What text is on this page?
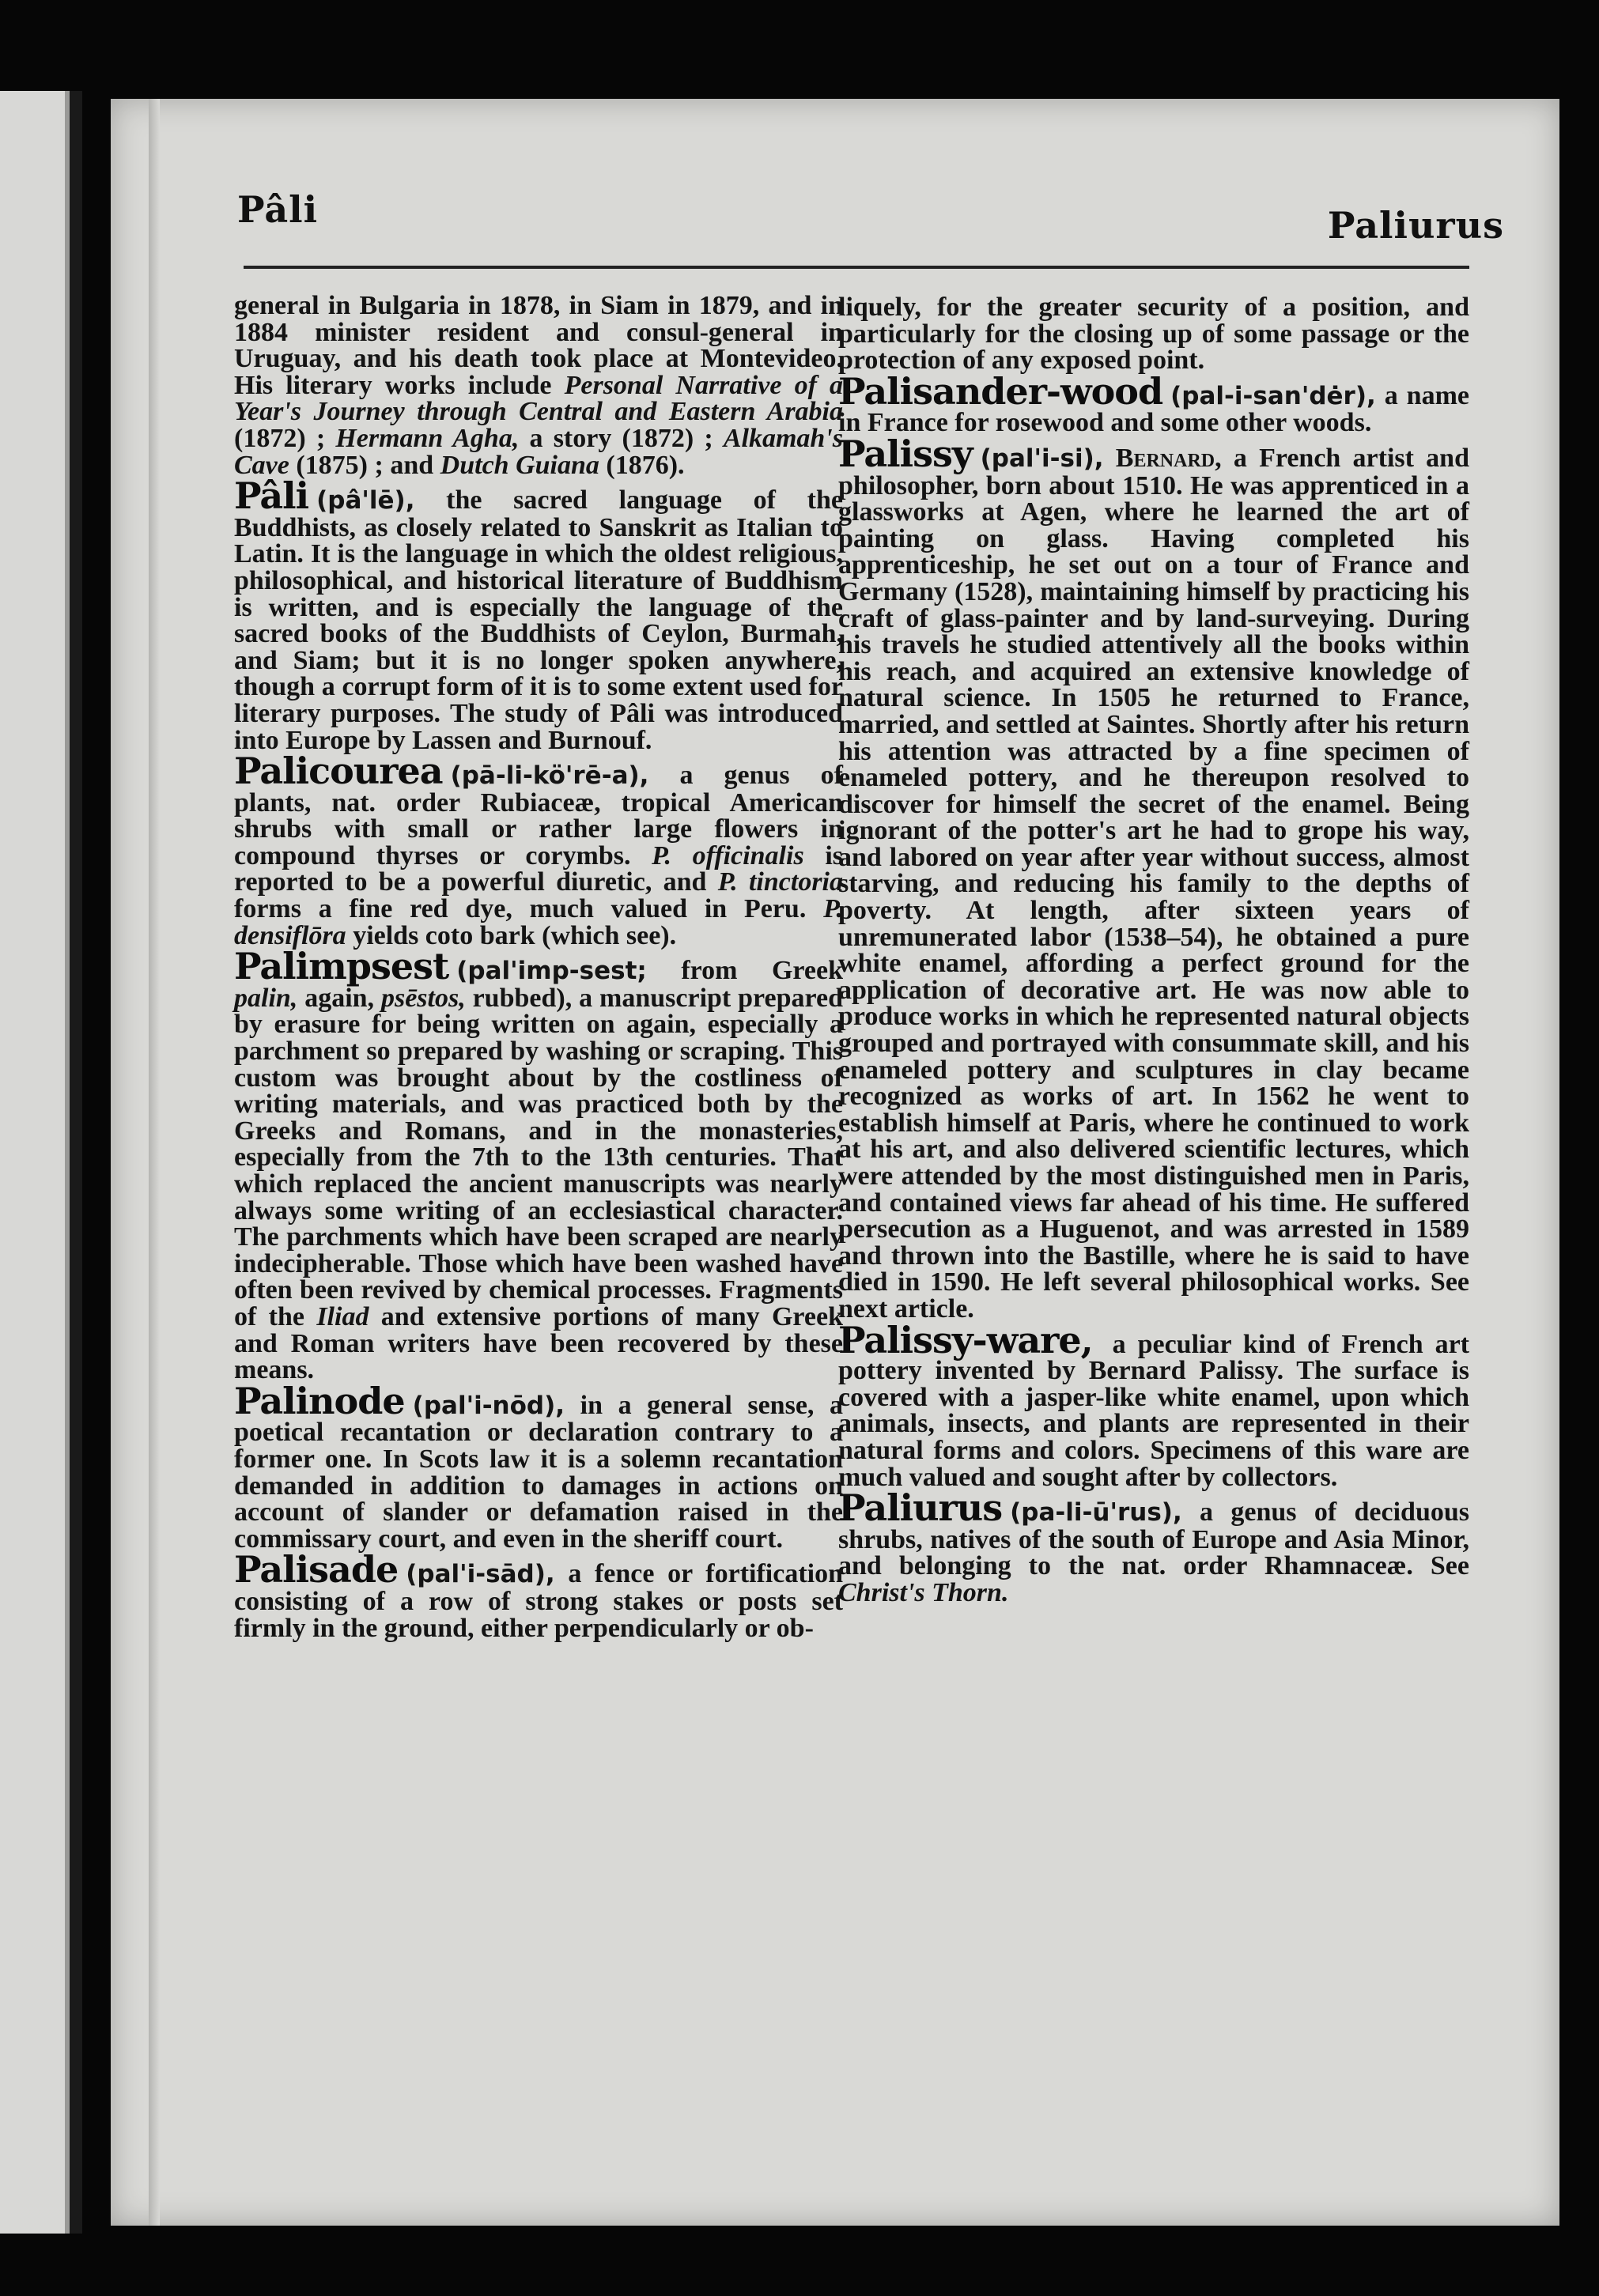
Pâli	Paliurus

general in Bulgaria in 1878, in Siam in 1879, and in 1884 minister resident and consul-general in Uruguay, and his death took place at Montevideo. His literary works include Personal Narrative of a Year's Journey through Central and Eastern Arabia (1872) ; Hermann Agha, a story (1872) ; Alkamah's Cave (1875) ; and Dutch Guiana (1876).

Pâli (pâ'lē), the sacred language of the Buddhists, as closely related to Sanskrit as Italian to Latin. It is the language in which the oldest religious, philosophical, and historical literature of Buddhism is written, and is especially the language of the sacred books of the Buddhists of Ceylon, Burmah, and Siam; but it is no longer spoken anywhere, though a corrupt form of it is to some extent used for literary purposes. The study of Pâli was introduced into Europe by Lassen and Burnouf.

Palicourea (pā-li-kö'rē-a), a genus of plants, nat. order Rubiaceæ, tropical American shrubs with small or rather large flowers in compound thyrses or corymbs. P. officinalis is reported to be a powerful diuretic, and P. tinctoria forms a fine red dye, much valued in Peru. P. densiflōra yields coto bark (which see).

Palimpsest (pal'imp-sest; from Greek palin, again, psēstos, rubbed), a manuscript prepared by erasure for being written on again, especially a parchment so prepared by washing or scraping. This custom was brought about by the costliness of writing materials, and was practiced both by the Greeks and Romans, and in the monasteries, especially from the 7th to the 13th centuries. That which replaced the ancient manuscripts was nearly always some writing of an ecclesiastical character. The parchments which have been scraped are nearly indecipherable. Those which have been washed have often been revived by chemical processes. Fragments of the Iliad and extensive portions of many Greek and Roman writers have been recovered by these means.

Palinode (pal'i-nōd), in a general sense, a poetical recantation or declaration contrary to a former one. In Scots law it is a solemn recantation demanded in addition to damages in actions on account of slander or defamation raised in the commissary court, and even in the sheriff court.

Palisade (pal'i-sād), a fence or fortification consisting of a row of strong stakes or posts set firmly in the ground, either perpendicularly or ob-

liquely, for the greater security of a position, and particularly for the closing up of some passage or the protection of any exposed point.

Palisander-wood (pal-i-san'dėr), a name in France for rosewood and some other woods.

Palissy (pal'i-si), Bernard, a French artist and philosopher, born about 1510. He was apprenticed in a glassworks at Agen, where he learned the art of painting on glass. Having completed his apprenticeship, he set out on a tour of France and Germany (1528), maintaining himself by practicing his craft of glass-painter and by land-surveying. During his travels he studied attentively all the books within his reach, and acquired an extensive knowledge of natural science. In 1505 he returned to France, married, and settled at Saintes. Shortly after his return his attention was attracted by a fine specimen of enameled pottery, and he thereupon resolved to discover for himself the secret of the enamel. Being ignorant of the potter's art he had to grope his way, and labored on year after year without success, almost starving, and reducing his family to the depths of poverty. At length, after sixteen years of unremunerated labor (1538–54), he obtained a pure white enamel, affording a perfect ground for the application of decorative art. He was now able to produce works in which he represented natural objects grouped and portrayed with consummate skill, and his enameled pottery and sculptures in clay became recognized as works of art. In 1562 he went to establish himself at Paris, where he continued to work at his art, and also delivered scientific lectures, which were attended by the most distinguished men in Paris, and contained views far ahead of his time. He suffered persecution as a Huguenot, and was arrested in 1589 and thrown into the Bastille, where he is said to have died in 1590. He left several philosophical works. See next article.

Palissy-ware, a peculiar kind of French art pottery invented by Bernard Palissy. The surface is covered with a jasper-like white enamel, upon which animals, insects, and plants are represented in their natural forms and colors. Specimens of this ware are much valued and sought after by collectors.

Paliurus (pa-li-ū'rus), a genus of deciduous shrubs, natives of the south of Europe and Asia Minor, and belonging to the nat. order Rhamnaceæ. See Christ's Thorn.
